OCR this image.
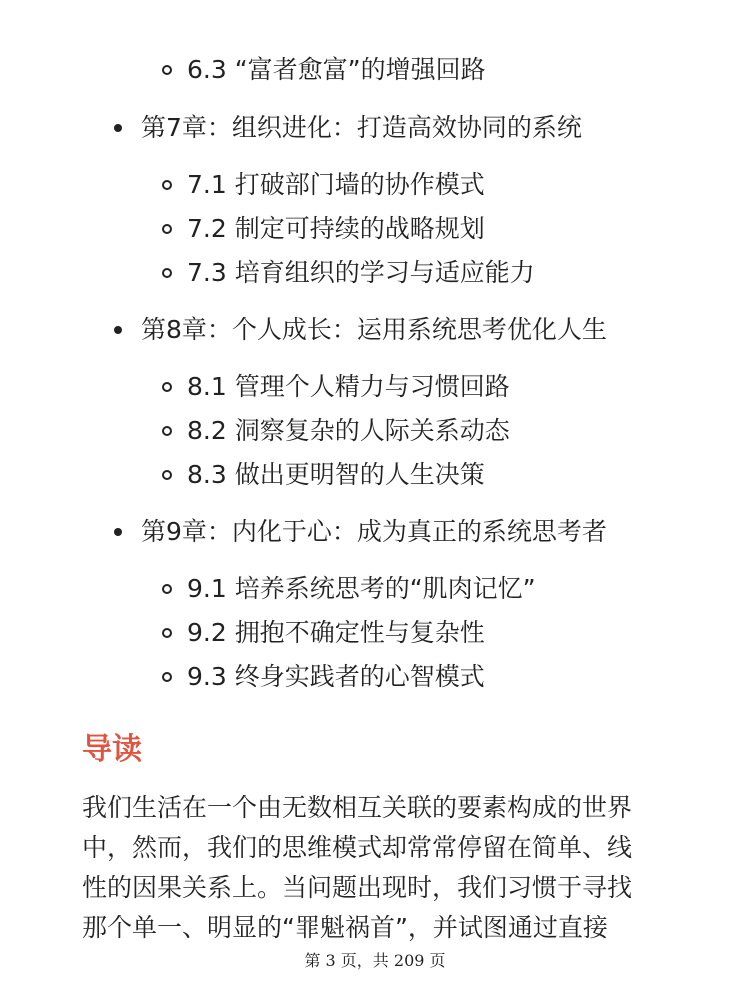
6.3 “富者愈富”的增强回路
第7章：组织进化：打造高效协同的系统
7.1 打破部门墙的协作模式
7.2 制定可持续的战略规划
7.3 培育组织的学习与适应能力
第8章：个人成长：运用系统思考优化人生
8.1 管理个人精力与习惯回路
8.2 洞察复杂的人际关系动态
8.3 做出更明智的人生决策
第9章：内化于心：成为真正的系统思考者
9.1 培养系统思考的“肌肉记忆”
9.2 拥抱不确定性与复杂性
9.3 终身实践者的心智模式
导读
我们生活在一个由无数相互关联的要素构成的世界
中，然而，我们的思维模式却常常停留在简单、线
性的因果关系上。当问题出现时，我们习惯于寻找
那个单一、明显的“罪魁祸首”，并试图通过直接
第 3 页，共 209 页
